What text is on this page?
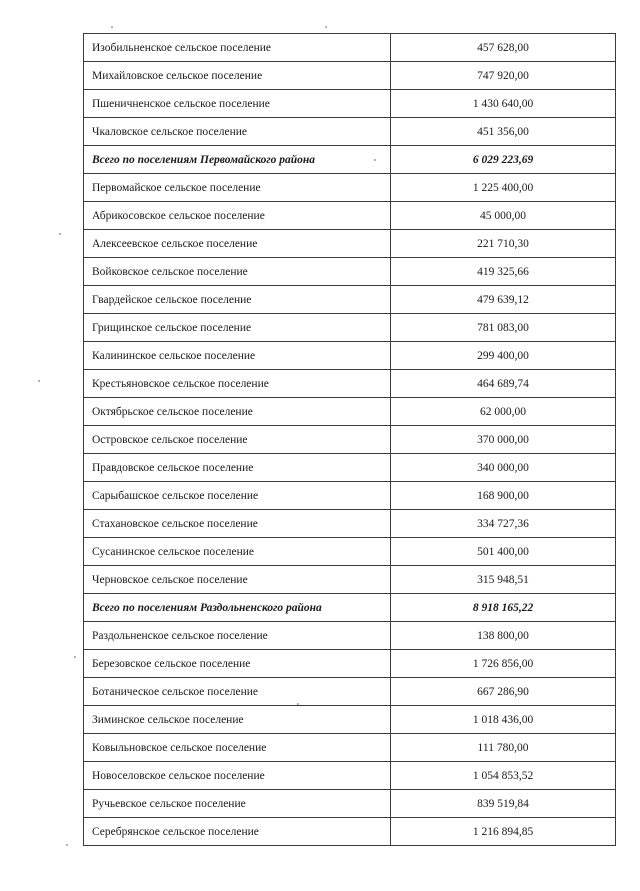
Изобильненское сельское поселение	457 628,00
Михайловское сельское поселение	747 920,00
Пшеничненское сельское поселение	1 430 640,00
Чкаловское сельское поселение	451 356,00
Всего по поселениям Первомайского района	6 029 223,69
Первомайское сельское поселение	1 225 400,00
Абрикосовское сельское поселение	45 000,00
Алексеевское сельское поселение	221 710,30
Войковское сельское поселение	419 325,66
Гвардейское сельское поселение	479 639,12
Грищинское сельское поселение	781 083,00
Калининское сельское поселение	299 400,00
Крестьяновское сельское поселение	464 689,74
Октябрьское сельское поселение	62 000,00
Островское сельское поселение	370 000,00
Правдовское сельское поселение	340 000,00
Сарыбашское сельское поселение	168 900,00
Стахановское сельское поселение	334 727,36
Сусанинское сельское поселение	501 400,00
Черновское сельское поселение	315 948,51
Всего по поселениям Раздольненского района	8 918 165,22
Раздольненское сельское поселение	138 800,00
Березовское сельское поселение	1 726 856,00
Ботаническое сельское поселение	667 286,90
Зиминское сельское поселение	1 018 436,00
Ковыльновское сельское поселение	111 780,00
Новоселовское сельское поселение	1 054 853,52
Ручьевское сельское поселение	839 519,84
Серебрянское сельское поселение	1 216 894,85
